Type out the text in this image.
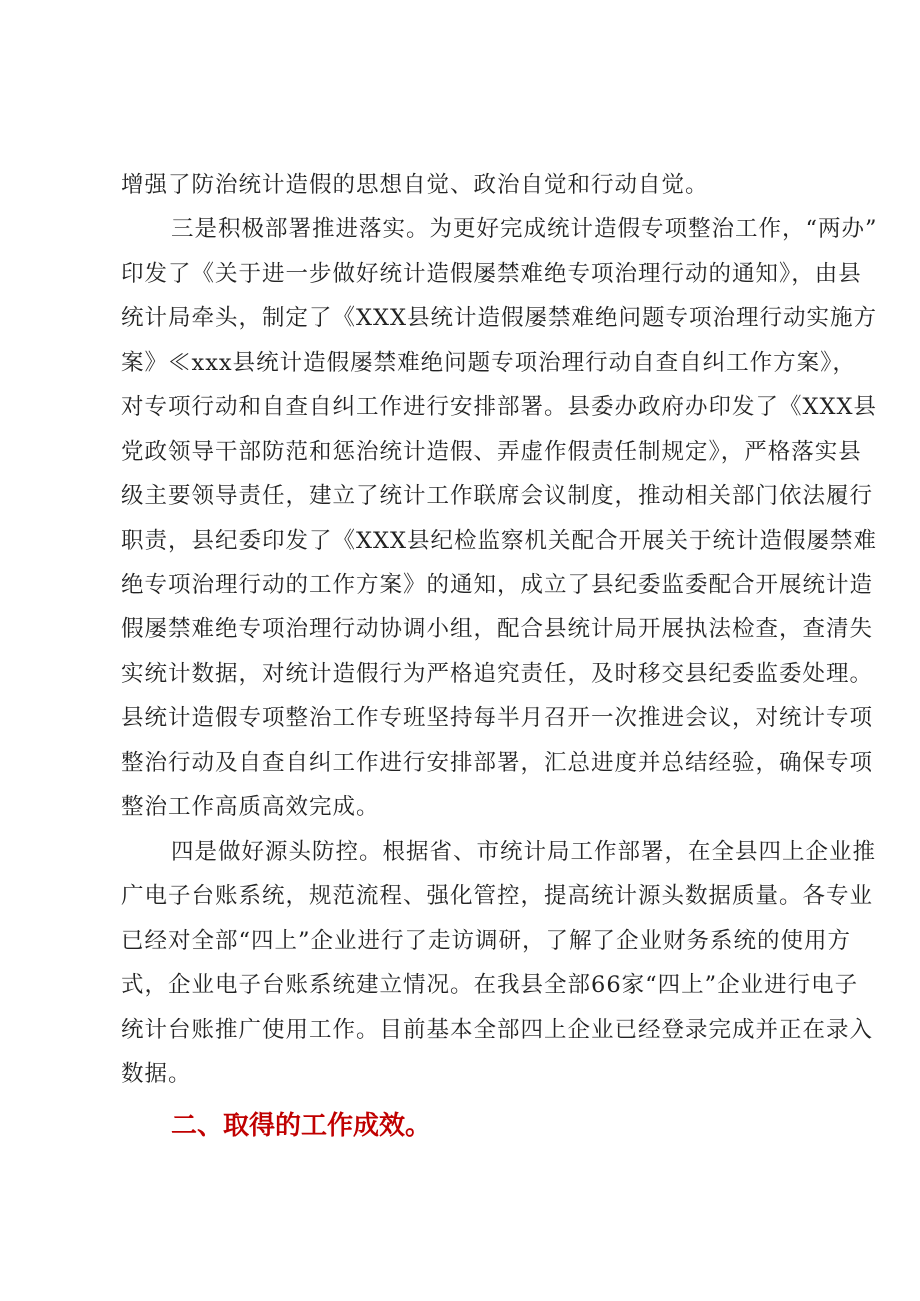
增强了防治统计造假的思想自觉、政治自觉和行动自觉。
三是积极部署推进落实。为更好完成统计造假专项整治工作，“两办”
印发了《关于进一步做好统计造假屡禁难绝专项治理行动的通知》，由县
统计局牵头，制定了《XXX县统计造假屡禁难绝问题专项治理行动实施方
案》≪xxx县统计造假屡禁难绝问题专项治理行动自查自纠工作方案》，
对专项行动和自查自纠工作进行安排部署。县委办政府办印发了《XXX县
党政领导干部防范和惩治统计造假、弄虚作假责任制规定》，严格落实县
级主要领导责任，建立了统计工作联席会议制度，推动相关部门依法履行
职责，县纪委印发了《XXX县纪检监察机关配合开展关于统计造假屡禁难
绝专项治理行动的工作方案》的通知，成立了县纪委监委配合开展统计造
假屡禁难绝专项治理行动协调小组，配合县统计局开展执法检查，查清失
实统计数据，对统计造假行为严格追究责任，及时移交县纪委监委处理。
县统计造假专项整治工作专班坚持每半月召开一次推进会议，对统计专项
整治行动及自查自纠工作进行安排部署，汇总进度并总结经验，确保专项
整治工作高质高效完成。
四是做好源头防控。根据省、市统计局工作部署，在全县四上企业推
广电子台账系统，规范流程、强化管控，提高统计源头数据质量。各专业
已经对全部“四上”企业进行了走访调研，了解了企业财务系统的使用方
式，企业电子台账系统建立情况。在我县全部66家“四上”企业进行电子
统计台账推广使用工作。目前基本全部四上企业已经登录完成并正在录入
数据。
二、取得的工作成效。
